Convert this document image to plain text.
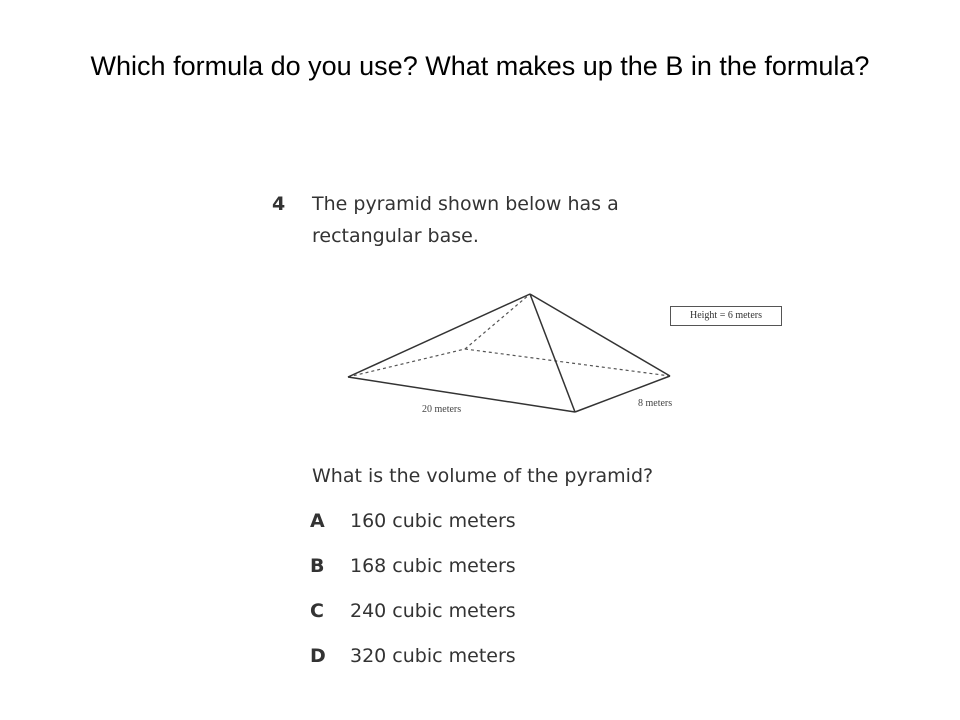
Which formula do you use? What makes up the B in the formula?
4 The pyramid shown below has a rectangular base.
Height = 6 meters
20 meters
8 meters
What is the volume of the pyramid?
A 160 cubic meters
B 168 cubic meters
C 240 cubic meters
D 320 cubic meters
